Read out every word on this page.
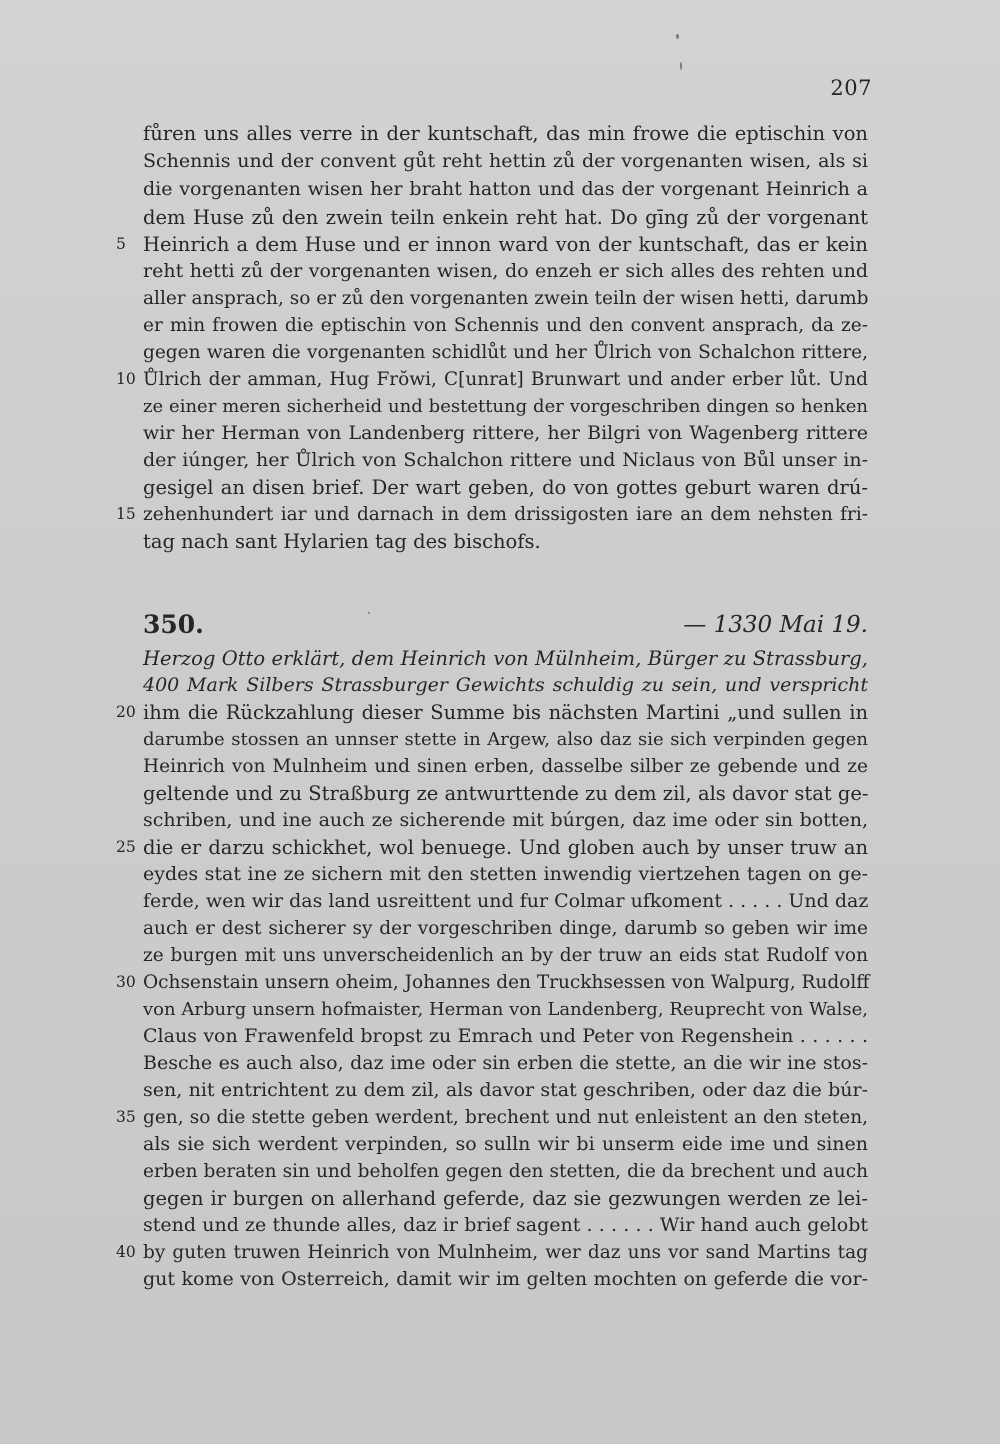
207
fůren uns alles verre in der kuntschaft, das min frowe die eptischin von
Schennis und der convent gůt reht hettin zů der vorgenanten wisen, als si
die vorgenanten wisen her braht hatton und das der vorgenant Heinrich a
dem Huse zů den zwein teiln enkein reht hat. Do gīng zů der vorgenant
Heinrich a dem Huse und er innon ward von der kuntschaft, das er kein
reht hetti zů der vorgenanten wisen, do enzeh er sich alles des rehten und
aller ansprach, so er zů den vorgenanten zwein teiln der wisen hetti, darumb
er min frowen die eptischin von Schennis und den convent ansprach, da ze-
gegen waren die vorgenanten schidlůt und her Ůlrich von Schalchon rittere,
Ůlrich der amman, Hug Frŏwi, C[unrat] Brunwart und ander erber lůt. Und
ze einer meren sicherheid und bestettung der vorgeschriben dingen so henken
wir her Herman von Landenberg rittere, her Bilgri von Wagenberg rittere
der iúnger, her Ůlrich von Schalchon rittere und Niclaus von Bůl unser in-
gesigel an disen brief. Der wart geben, do von gottes geburt waren drú-
zehenhundert iar und darnach in dem drissigosten iare an dem nehsten fri-
tag nach sant Hylarien tag des bischofs.
5
10
15
350.	— 1330 Mai 19.
Herzog Otto erklärt, dem Heinrich von Mülnheim, Bürger zu Strassburg,
400 Mark Silbers Strassburger Gewichts schuldig zu sein, und verspricht
ihm die Rückzahlung dieser Summe bis nächsten Martini „und sullen in
darumbe stossen an unnser stette in Argew, also daz sie sich verpinden gegen
Heinrich von Mulnheim und sinen erben, dasselbe silber ze gebende und ze
geltende und zu Straßburg ze antwurttende zu dem zil, als davor stat ge-
schriben, und ine auch ze sicherende mit búrgen, daz ime oder sin botten,
die er darzu schickhet, wol benuege. Und globen auch by unser truw an
eydes stat ine ze sichern mit den stetten inwendig viertzehen tagen on ge-
ferde, wen wir das land usreittent und fur Colmar ufkoment . . . . . Und daz
auch er dest sicherer sy der vorgeschriben dinge, darumb so geben wir ime
ze burgen mit uns unverscheidenlich an by der truw an eids stat Rudolf von
Ochsenstain unsern oheim, Johannes den Truckhsessen von Walpurg, Rudolff
von Arburg unsern hofmaister, Herman von Landenberg, Reuprecht von Walse,
Claus von Frawenfeld bropst zu Emrach und Peter von Regenshein . . . . . .
Besche es auch also, daz ime oder sin erben die stette, an die wir ine stos-
sen, nit entrichtent zu dem zil, als davor stat geschriben, oder daz die búr-
gen, so die stette geben werdent, brechent und nut enleistent an den steten,
als sie sich werdent verpinden, so sulln wir bi unserm eide ime und sinen
erben beraten sin und beholfen gegen den stetten, die da brechent und auch
gegen ir burgen on allerhand geferde, daz sie gezwungen werden ze lei-
stend und ze thunde alles, daz ir brief sagent . . . . . . Wir hand auch gelobt
by guten truwen Heinrich von Mulnheim, wer daz uns vor sand Martins tag
gut kome von Osterreich, damit wir im gelten mochten on geferde die vor-
20
25
30
35
40
